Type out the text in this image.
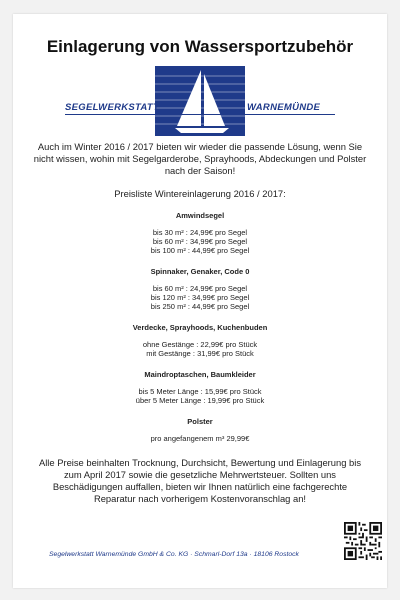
Einlagerung von Wassersportzubehör
SEGELWERKSTATT	WARNEMÜNDE

Auch im Winter 2016 / 2017 bieten wir wieder die passende Lösung, wenn Sie nicht wissen, wohin mit Segelgarderobe, Sprayhoods, Abdeckungen und Polster nach der Saison!

Preisliste Wintereinlagerung 2016 / 2017:
Amwindsegel
bis 30 m² : 24,99€ pro Segel
bis 60 m² : 34,99€ pro Segel
bis 100 m² : 44,99€ pro Segel
Spinnaker, Genaker, Code 0
bis 60 m² : 24,99€ pro Segel
bis 120 m² : 34,99€ pro Segel
bis 250 m² : 44,99€ pro Segel
Verdecke, Sprayhoods, Kuchenbuden
ohne Gestänge : 22,99€ pro Stück
mit Gestänge : 31,99€ pro Stück
Maindroptaschen, Baumkleider
bis 5 Meter Länge : 15,99€ pro Stück
über 5 Meter Länge : 19,99€ pro Stück
Polster
pro angefangenem m³ 29,99€

Alle Preise beinhalten Trocknung, Durchsicht, Bewertung und Einlagerung bis zum April 2017 sowie die gesetzliche Mehrwertsteuer. Sollten uns Beschädigungen auffallen, bieten wir Ihnen natürlich eine fachgerechte Reparatur nach vorherigem Kostenvoranschlag an!

Segelwerkstatt Warnemünde GmbH & Co. KG · Schmarl-Dorf 13a · 18106 Rostock
